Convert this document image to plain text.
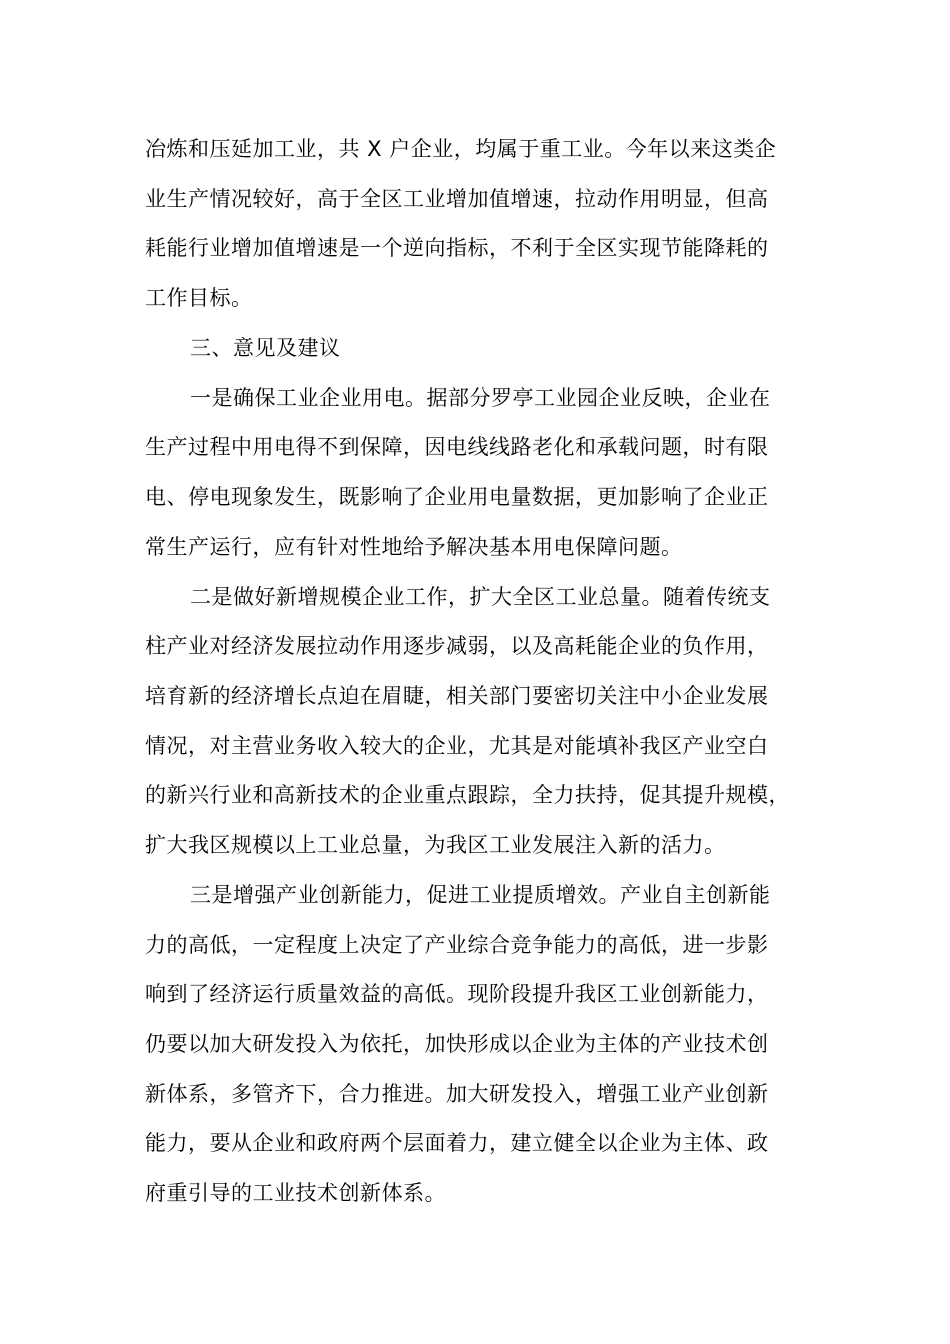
冶炼和压延加工业，共 X 户企业，均属于重工业。今年以来这类企
业生产情况较好，高于全区工业增加值增速，拉动作用明显，但高
耗能行业增加值增速是一个逆向指标，不利于全区实现节能降耗的
工作目标。
三、意见及建议
一是确保工业企业用电。据部分罗亭工业园企业反映，企业在
生产过程中用电得不到保障，因电线线路老化和承载问题，时有限
电、停电现象发生，既影响了企业用电量数据，更加影响了企业正
常生产运行，应有针对性地给予解决基本用电保障问题。
二是做好新增规模企业工作，扩大全区工业总量。随着传统支
柱产业对经济发展拉动作用逐步减弱，以及高耗能企业的负作用，
培育新的经济增长点迫在眉睫，相关部门要密切关注中小企业发展
情况，对主营业务收入较大的企业，尤其是对能填补我区产业空白
的新兴行业和高新技术的企业重点跟踪，全力扶持，促其提升规模，
扩大我区规模以上工业总量，为我区工业发展注入新的活力。
三是增强产业创新能力，促进工业提质增效。产业自主创新能
力的高低，一定程度上决定了产业综合竞争能力的高低，进一步影
响到了经济运行质量效益的高低。现阶段提升我区工业创新能力，
仍要以加大研发投入为依托，加快形成以企业为主体的产业技术创
新体系，多管齐下，合力推进。加大研发投入，增强工业产业创新
能力，要从企业和政府两个层面着力，建立健全以企业为主体、政
府重引导的工业技术创新体系。
